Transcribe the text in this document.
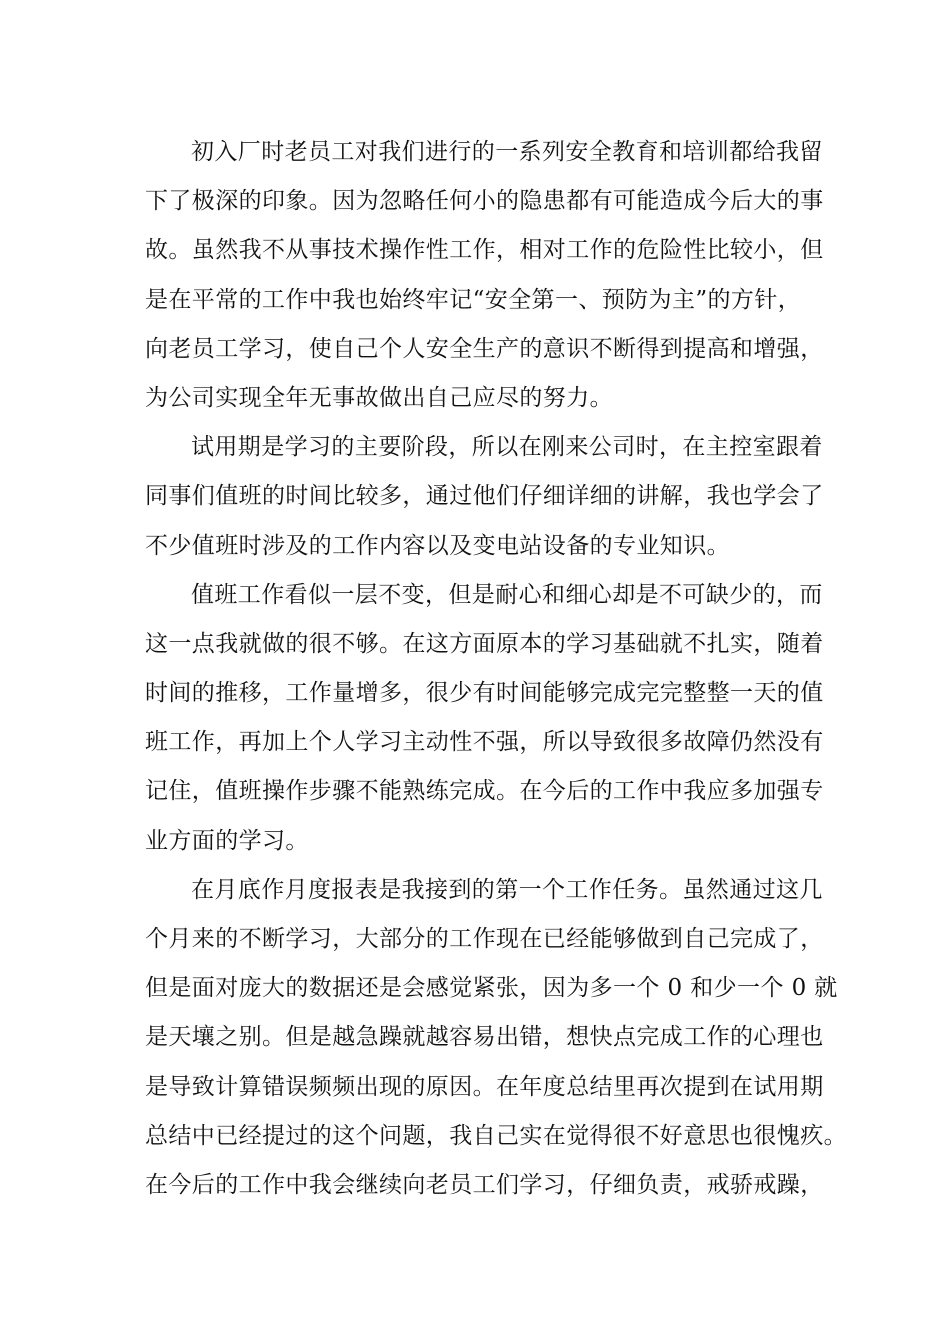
初入厂时老员工对我们进行的一系列安全教育和培训都给我留
下了极深的印象。因为忽略任何小的隐患都有可能造成今后大的事
故。虽然我不从事技术操作性工作，相对工作的危险性比较小，但
是在平常的工作中我也始终牢记“安全第一、预防为主”的方针，
向老员工学习，使自己个人安全生产的意识不断得到提高和增强，
为公司实现全年无事故做出自己应尽的努力。
试用期是学习的主要阶段，所以在刚来公司时，在主控室跟着
同事们值班的时间比较多，通过他们仔细详细的讲解，我也学会了
不少值班时涉及的工作内容以及变电站设备的专业知识。
值班工作看似一层不变，但是耐心和细心却是不可缺少的，而
这一点我就做的很不够。在这方面原本的学习基础就不扎实，随着
时间的推移，工作量增多，很少有时间能够完成完完整整一天的值
班工作，再加上个人学习主动性不强，所以导致很多故障仍然没有
记住，值班操作步骤不能熟练完成。在今后的工作中我应多加强专
业方面的学习。
在月底作月度报表是我接到的第一个工作任务。虽然通过这几
个月来的不断学习，大部分的工作现在已经能够做到自己完成了，
但是面对庞大的数据还是会感觉紧张，因为多一个 0 和少一个 0 就
是天壤之别。但是越急躁就越容易出错，想快点完成工作的心理也
是导致计算错误频频出现的原因。在年度总结里再次提到在试用期
总结中已经提过的这个问题，我自己实在觉得很不好意思也很愧疚。
在今后的工作中我会继续向老员工们学习，仔细负责，戒骄戒躁，
